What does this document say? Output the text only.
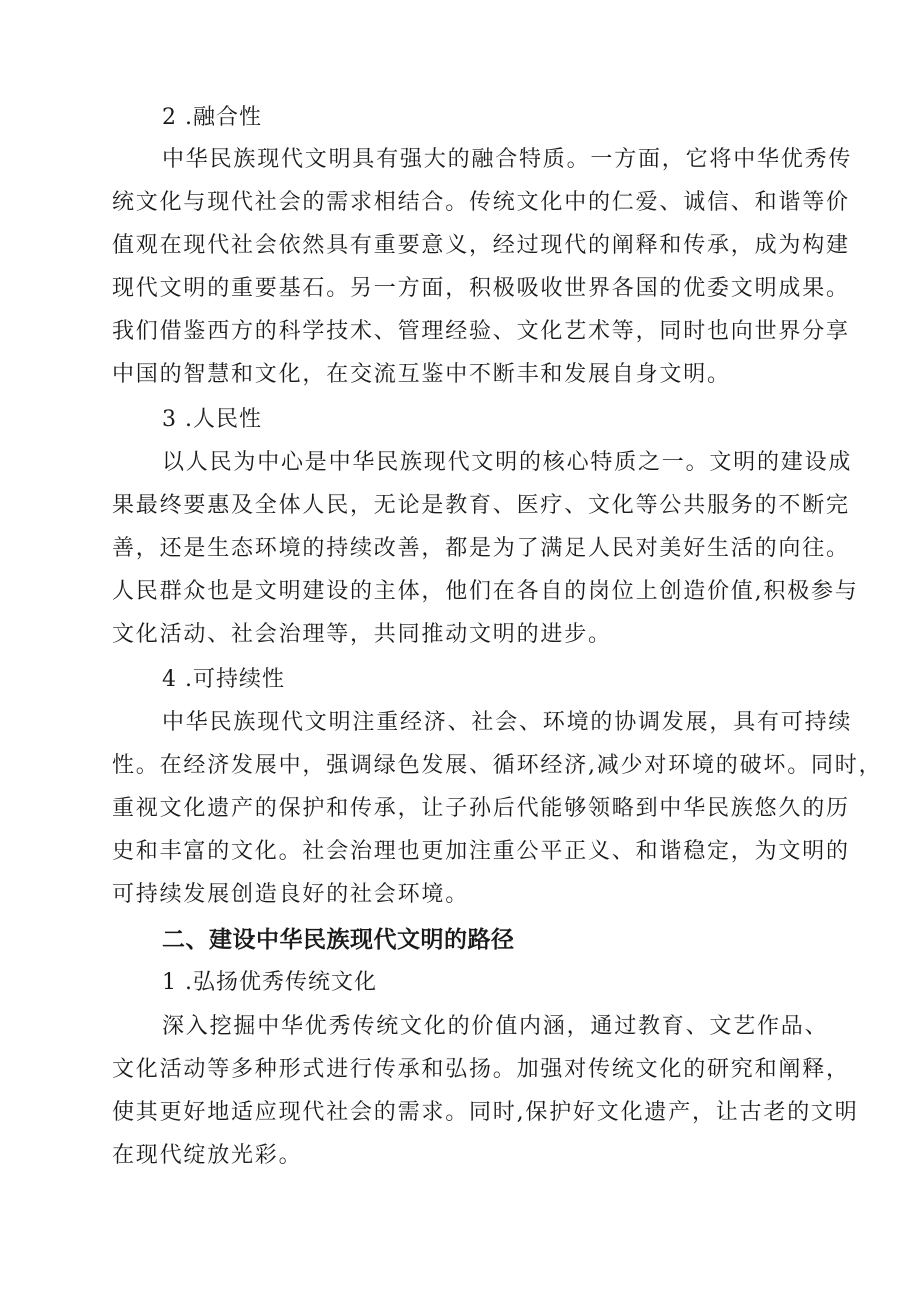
2 .融合性
中华民族现代文明具有强大的融合特质。一方面，它将中华优秀传
统文化与现代社会的需求相结合。传统文化中的仁爱、诚信、和谐等价
值观在现代社会依然具有重要意义，经过现代的阐释和传承，成为构建
现代文明的重要基石。另一方面，积极吸收世界各国的优委文明成果。
我们借鉴西方的科学技术、管理经验、文化艺术等，同时也向世界分享
中国的智慧和文化，在交流互鉴中不断丰和发展自身文明。
3 .人民性
以人民为中心是中华民族现代文明的核心特质之一。文明的建设成
果最终要惠及全体人民，无论是教育、医疗、文化等公共服务的不断完
善，还是生态环境的持续改善，都是为了满足人民对美好生活的向往。
人民群众也是文明建设的主体，他们在各自的岗位上创造价值,积极参与
文化活动、社会治理等，共同推动文明的进步。
4 .可持续性
中华民族现代文明注重经济、社会、环境的协调发展，具有可持续
性。在经济发展中，强调绿色发展、循环经济,减少对环境的破坏。同时，
重视文化遗产的保护和传承，让子孙后代能够领略到中华民族悠久的历
史和丰富的文化。社会治理也更加注重公平正义、和谐稳定，为文明的
可持续发展创造良好的社会环境。
二、建设中华民族现代文明的路径
1 .弘扬优秀传统文化
深入挖掘中华优秀传统文化的价值内涵，通过教育、文艺作品、
文化活动等多种形式进行传承和弘扬。加强对传统文化的研究和阐释，
使其更好地适应现代社会的需求。同时,保护好文化遗产，让古老的文明
在现代绽放光彩。
